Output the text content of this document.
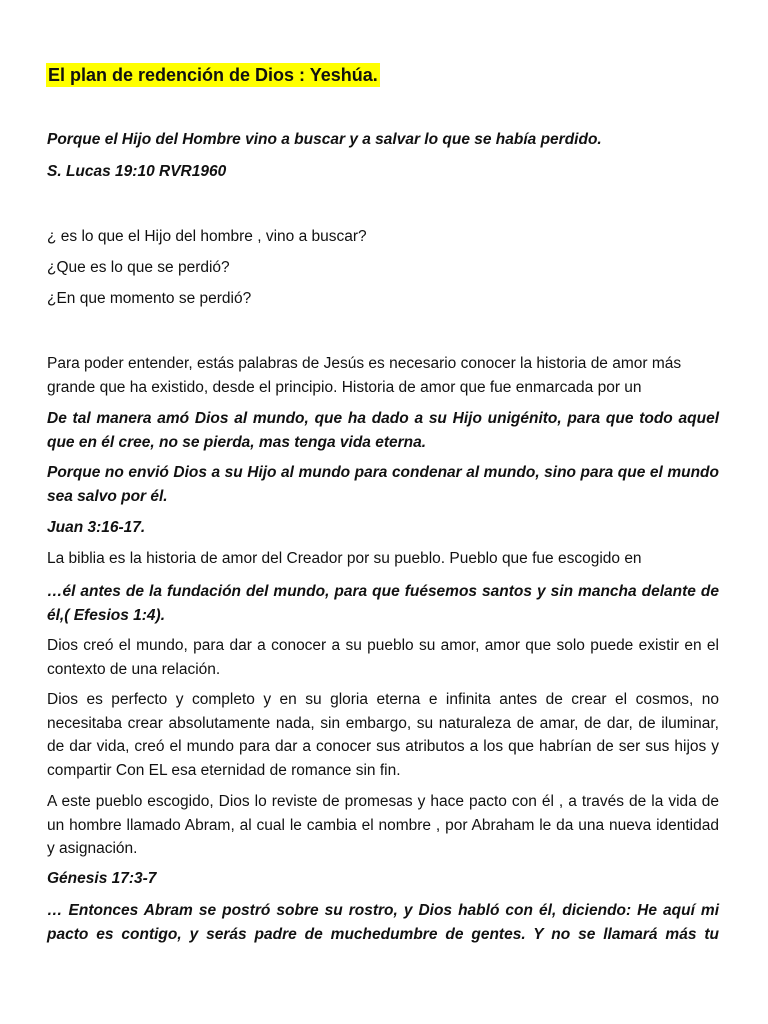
El plan de redención de Dios : Yeshúa.

Porque el Hijo del Hombre vino a buscar y a salvar lo que se había perdido.

S. Lucas 19:10 RVR1960

¿ es lo que el Hijo del hombre , vino a buscar?

¿Que es lo que se perdió?

¿En que momento se perdió?

Para poder entender, estás palabras de Jesús es necesario conocer la historia de amor más grande que ha existido, desde el principio. Historia de amor que fue enmarcada por un

De tal manera amó Dios al mundo, que ha dado a su Hijo unigénito, para que todo aquel que en él cree, no se pierda, mas tenga vida eterna.

Porque no envió Dios a su Hijo al mundo para condenar al mundo, sino para que el mundo sea salvo por él.

Juan 3:16-17.

La biblia es la historia de amor del Creador por su pueblo. Pueblo que fue escogido en

…él antes de la fundación del mundo, para que fuésemos santos y sin mancha delante de él,( Efesios 1:4).

Dios creó el mundo, para dar a conocer a su pueblo su amor, amor que solo puede existir en el contexto de una relación.

Dios es perfecto y completo y en su gloria eterna e infinita antes de crear el cosmos, no necesitaba crear absolutamente nada, sin embargo, su naturaleza de amar, de dar, de iluminar, de dar vida, creó el mundo para dar a conocer sus atributos a los que habrían de ser sus hijos y compartir Con EL esa eternidad de romance sin fin.

A este pueblo escogido, Dios lo reviste de promesas y hace pacto con él , a través de la vida de un hombre llamado Abram, al cual le cambia el nombre , por Abraham le da una nueva identidad y asignación.

Génesis 17:3-7

… Entonces Abram se postró sobre su rostro, y Dios habló con él, diciendo: He aquí mi pacto es contigo, y serás padre de muchedumbre de gentes. Y no se llamará más tu
